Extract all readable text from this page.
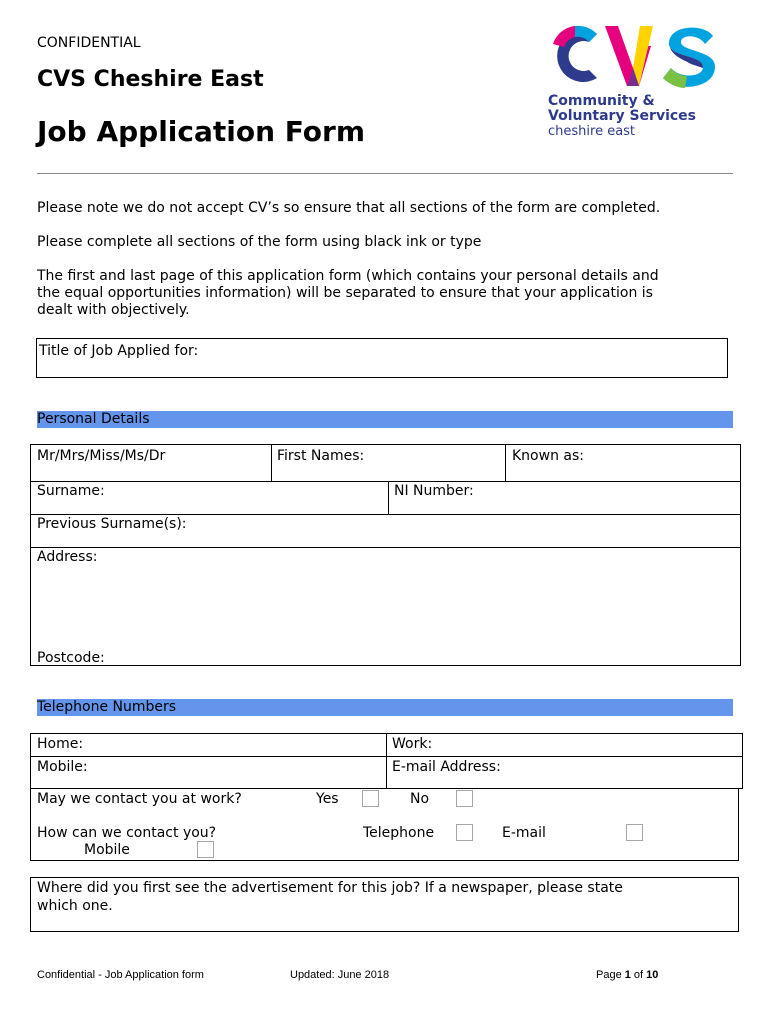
CONFIDENTIAL
CVS Cheshire East
Job Application Form
Community &
Voluntary Services
cheshire east
Please note we do not accept CV’s so ensure that all sections of the form are completed.
Please complete all sections of the form using black ink or type
The first and last page of this application form (which contains your personal details and
the equal opportunities information) will be separated to ensure that your application is
dealt with objectively.
Title of Job Applied for:
Personal Details
Mr/Mrs/Miss/Ms/Dr	First Names:	Known as:
Surname:	NI Number:
Previous Surname(s):
Address:
Postcode:
Telephone Numbers
Home:	Work:
Mobile:	E-mail Address:
May we contact you at work?	Yes	No
How can we contact you?	Telephone	E-mail
Mobile
Where did you first see the advertisement for this job? If a newspaper, please state
which one.
Confidential - Job Application form	Updated: June 2018	Page 1 of 10
